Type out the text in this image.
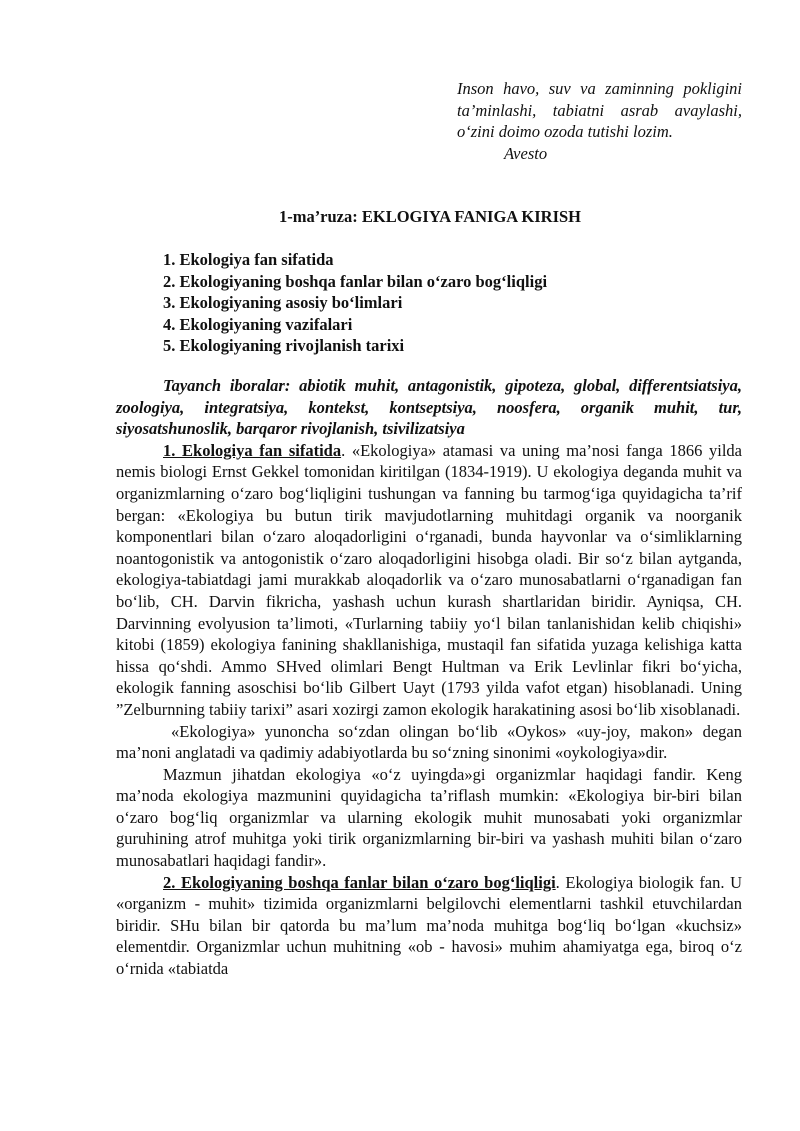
Inson havo, suv va zaminning pokligini ta’minlashi, tabiatni asrab avaylashi, o‘zini doimo ozoda tutishi lozim.
Avesto
1-ma’ruza: EKLOGIYA FANIGA KIRISH
1. Ekologiya fan sifatida
2. Ekologiyaning boshqa fanlar bilan o‘zaro bog‘liqligi
3. Ekologiyaning asosiy bo‘limlari
4. Ekologiyaning vazifalari
5. Ekologiyaning rivojlanish tarixi

Tayanch iboralar: abiotik muhit, antagonistik, gipoteza, global, differentsiatsiya, zoologiya, integratsiya, kontekst, kontseptsiya, noosfera, organik muhit, tur, siyosatshunoslik, barqaror rivojlanish, tsivilizatsiya

1. Ekologiya fan sifatida. «Ekologiya» atamasi va uning ma’nosi fanga 1866 yilda nemis biologi Ernst Gekkel tomonidan kiritilgan (1834-1919). U ekologiya deganda muhit va organizmlarning o‘zaro bog‘liqligini tushungan va fanning bu tarmog‘iga quyidagicha ta’rif bergan: «Ekologiya bu butun tirik mavjudotlarning muhitdagi organik va noorganik komponentlari bilan o‘zaro aloqadorligini o‘rganadi, bunda hayvonlar va o‘simliklarning noantogonistik va antogonistik o‘zaro aloqadorligini hisobga oladi. Bir so‘z bilan aytganda, ekologiya-tabiatdagi jami murakkab aloqadorlik va o‘zaro munosabatlarni o‘rganadigan fan bo‘lib, CH. Darvin fikricha, yashash uchun kurash shartlaridan biridir. Ayniqsa, CH. Darvinning evolyusion ta’limoti, «Turlarning tabiiy yo‘l bilan tanlanishidan kelib chiqishi» kitobi (1859) ekologiya fanining shakllanishiga, mustaqil fan sifatida yuzaga kelishiga katta hissa qo‘shdi. Ammo SHved olimlari Bengt Hultman va Erik Levlinlar fikri bo‘yicha, ekologik fanning asoschisi bo‘lib Gilbert Uayt (1793 yilda vafot etgan) hisoblanadi. Uning ”Zelburnning tabiiy tarixi” asari xozirgi zamon ekologik harakatining asosi bo‘lib xisoblanadi.

«Ekologiya» yunoncha so‘zdan olingan bo‘lib «Oykos» «uy-joy, makon» degan ma’noni anglatadi va qadimiy adabiyotlarda bu so‘zning sinonimi «oykologiya»dir.

Mazmun jihatdan ekologiya «o‘z uyingda»gi organizmlar haqidagi fandir. Keng ma’noda ekologiya mazmunini quyidagicha ta’riflash mumkin: «Ekologiya bir-biri bilan o‘zaro bog‘liq organizmlar va ularning ekologik muhit munosabati yoki organizmlar guruhining atrof muhitga yoki tirik organizmlarning bir-biri va yashash muhiti bilan o‘zaro munosabatlari haqidagi fandir».

2. Ekologiyaning boshqa fanlar bilan o‘zaro bog‘liqligi. Ekologiya biologik fan. U «organizm - muhit» tizimida organizmlarni belgilovchi elementlarni tashkil etuvchilardan biridir. SHu bilan bir qatorda bu ma’lum ma’noda muhitga bog‘liq bo‘lgan «kuchsiz» elementdir. Organizmlar uchun muhitning «ob - havosi» muhim ahamiyatga ega, biroq o‘z o‘rnida «tabiatda
